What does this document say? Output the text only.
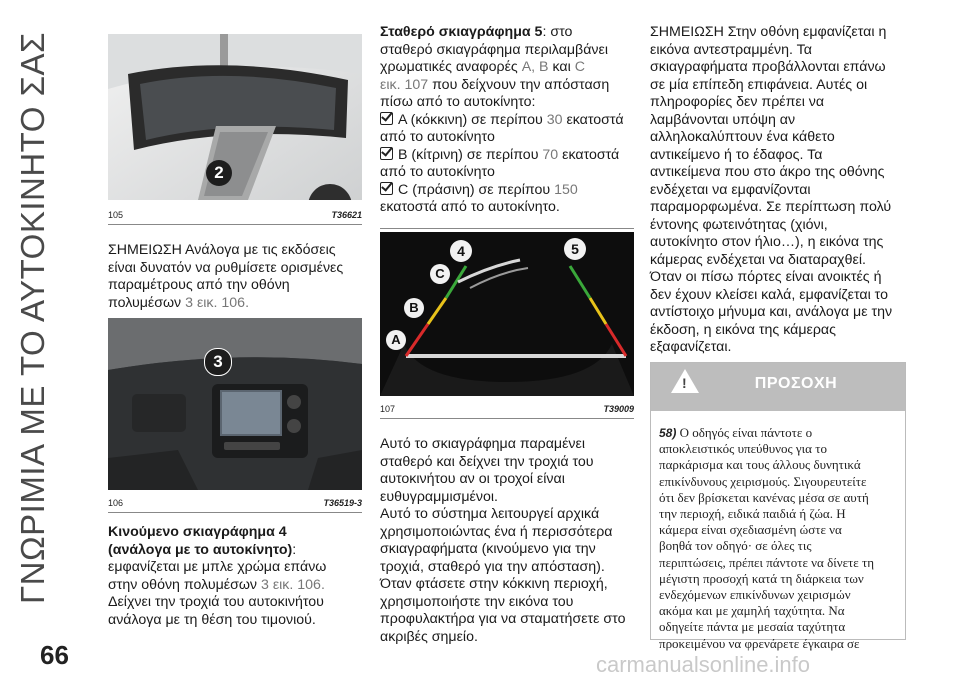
ΓΝΩΡΙΜΙΑ ΜΕ ΤΟ ΑΥΤΟΚΙΝΗΤΟ ΣΑΣ	2
105	T36621
ΣΗΜΕΙΩΣΗ Ανάλογα με τις εκδόσεις
είναι δυνατόν να ρυθμίσετε ορισμένες
παραμέτρους από την οθόνη
πολυμέσων 3 εικ. 106.
3
106	T36519-3
Κινούμενο σκιαγράφημα 4
(ανάλογα με το αυτοκίνητο):
εμφανίζεται με μπλε χρώμα επάνω
στην οθόνη πολυμέσων 3 εικ. 106.
Δείχνει την τροχιά του αυτοκινήτου
ανάλογα με τη θέση του τιμονιού.
Σταθερό σκιαγράφημα 5: στο
σταθερό σκιαγράφημα περιλαμβάνει
χρωματικές αναφορές A, B και C
εικ. 107 που δείχνουν την απόσταση
πίσω από το αυτοκίνητο:
A (κόκκινη) σε περίπου 30 εκατοστά
από το αυτοκίνητο
B (κίτρινη) σε περίπου 70 εκατοστά
από το αυτοκίνητο
C (πράσινη) σε περίπου 150
εκατοστά από το αυτοκίνητο.
A
B
C
4	5
107	T39009
Αυτό το σκιαγράφημα παραμένει
σταθερό και δείχνει την τροχιά του
αυτοκινήτου αν οι τροχοί είναι
ευθυγραμμισμένοι.
Αυτό το σύστημα λειτουργεί αρχικά
χρησιμοποιώντας ένα ή περισσότερα
σκιαγραφήματα (κινούμενο για την
τροχιά, σταθερό για την απόσταση).
Όταν φτάσετε στην κόκκινη περιοχή,
χρησιμοποιήστε την εικόνα του
προφυλακτήρα για να σταματήσετε στο
ακριβές σημείο.
ΣΗΜΕΙΩΣΗ Στην οθόνη εμφανίζεται η
εικόνα αντεστραμμένη. Τα
σκιαγραφήματα προβάλλονται επάνω
σε μία επίπεδη επιφάνεια. Αυτές οι
πληροφορίες δεν πρέπει να
λαμβάνονται υπόψη αν
αλληλοκαλύπτουν ένα κάθετο
αντικείμενο ή το έδαφος. Τα
αντικείμενα που στο άκρο της οθόνης
ενδέχεται να εμφανίζονται
παραμορφωμένα. Σε περίπτωση πολύ
έντονης φωτεινότητας (χιόνι,
αυτοκίνητο στον ήλιο…), η εικόνα της
κάμερας ενδέχεται να διαταραχθεί.
Όταν οι πίσω πόρτες είναι ανοικτές ή
δεν έχουν κλείσει καλά, εμφανίζεται το
αντίστοιχο μήνυμα και, ανάλογα με την
έκδοση, η εικόνα της κάμερας
εξαφανίζεται.
!	ΠΡΟΣΟΧΗ
58) Ο οδηγός είναι πάντοτε ο
αποκλειστικός υπεύθυνος για το
παρκάρισμα και τους άλλους δυνητικά
επικίνδυνους χειρισμούς. Σιγουρευτείτε
ότι δεν βρίσκεται κανένας μέσα σε αυτή
την περιοχή, ειδικά παιδιά ή ζώα. Η
κάμερα είναι σχεδιασμένη ώστε να
βοηθά τον οδηγό· σε όλες τις
περιπτώσεις, πρέπει πάντοτε να δίνετε τη
μέγιστη προσοχή κατά τη διάρκεια των
ενδεχόμενων επικίνδυνων χειρισμών
ακόμα και με χαμηλή ταχύτητα. Να
οδηγείτε πάντα με μεσαία ταχύτητα
προκειμένου να φρενάρετε έγκαιρα σε
66	carmanualsonline.info
